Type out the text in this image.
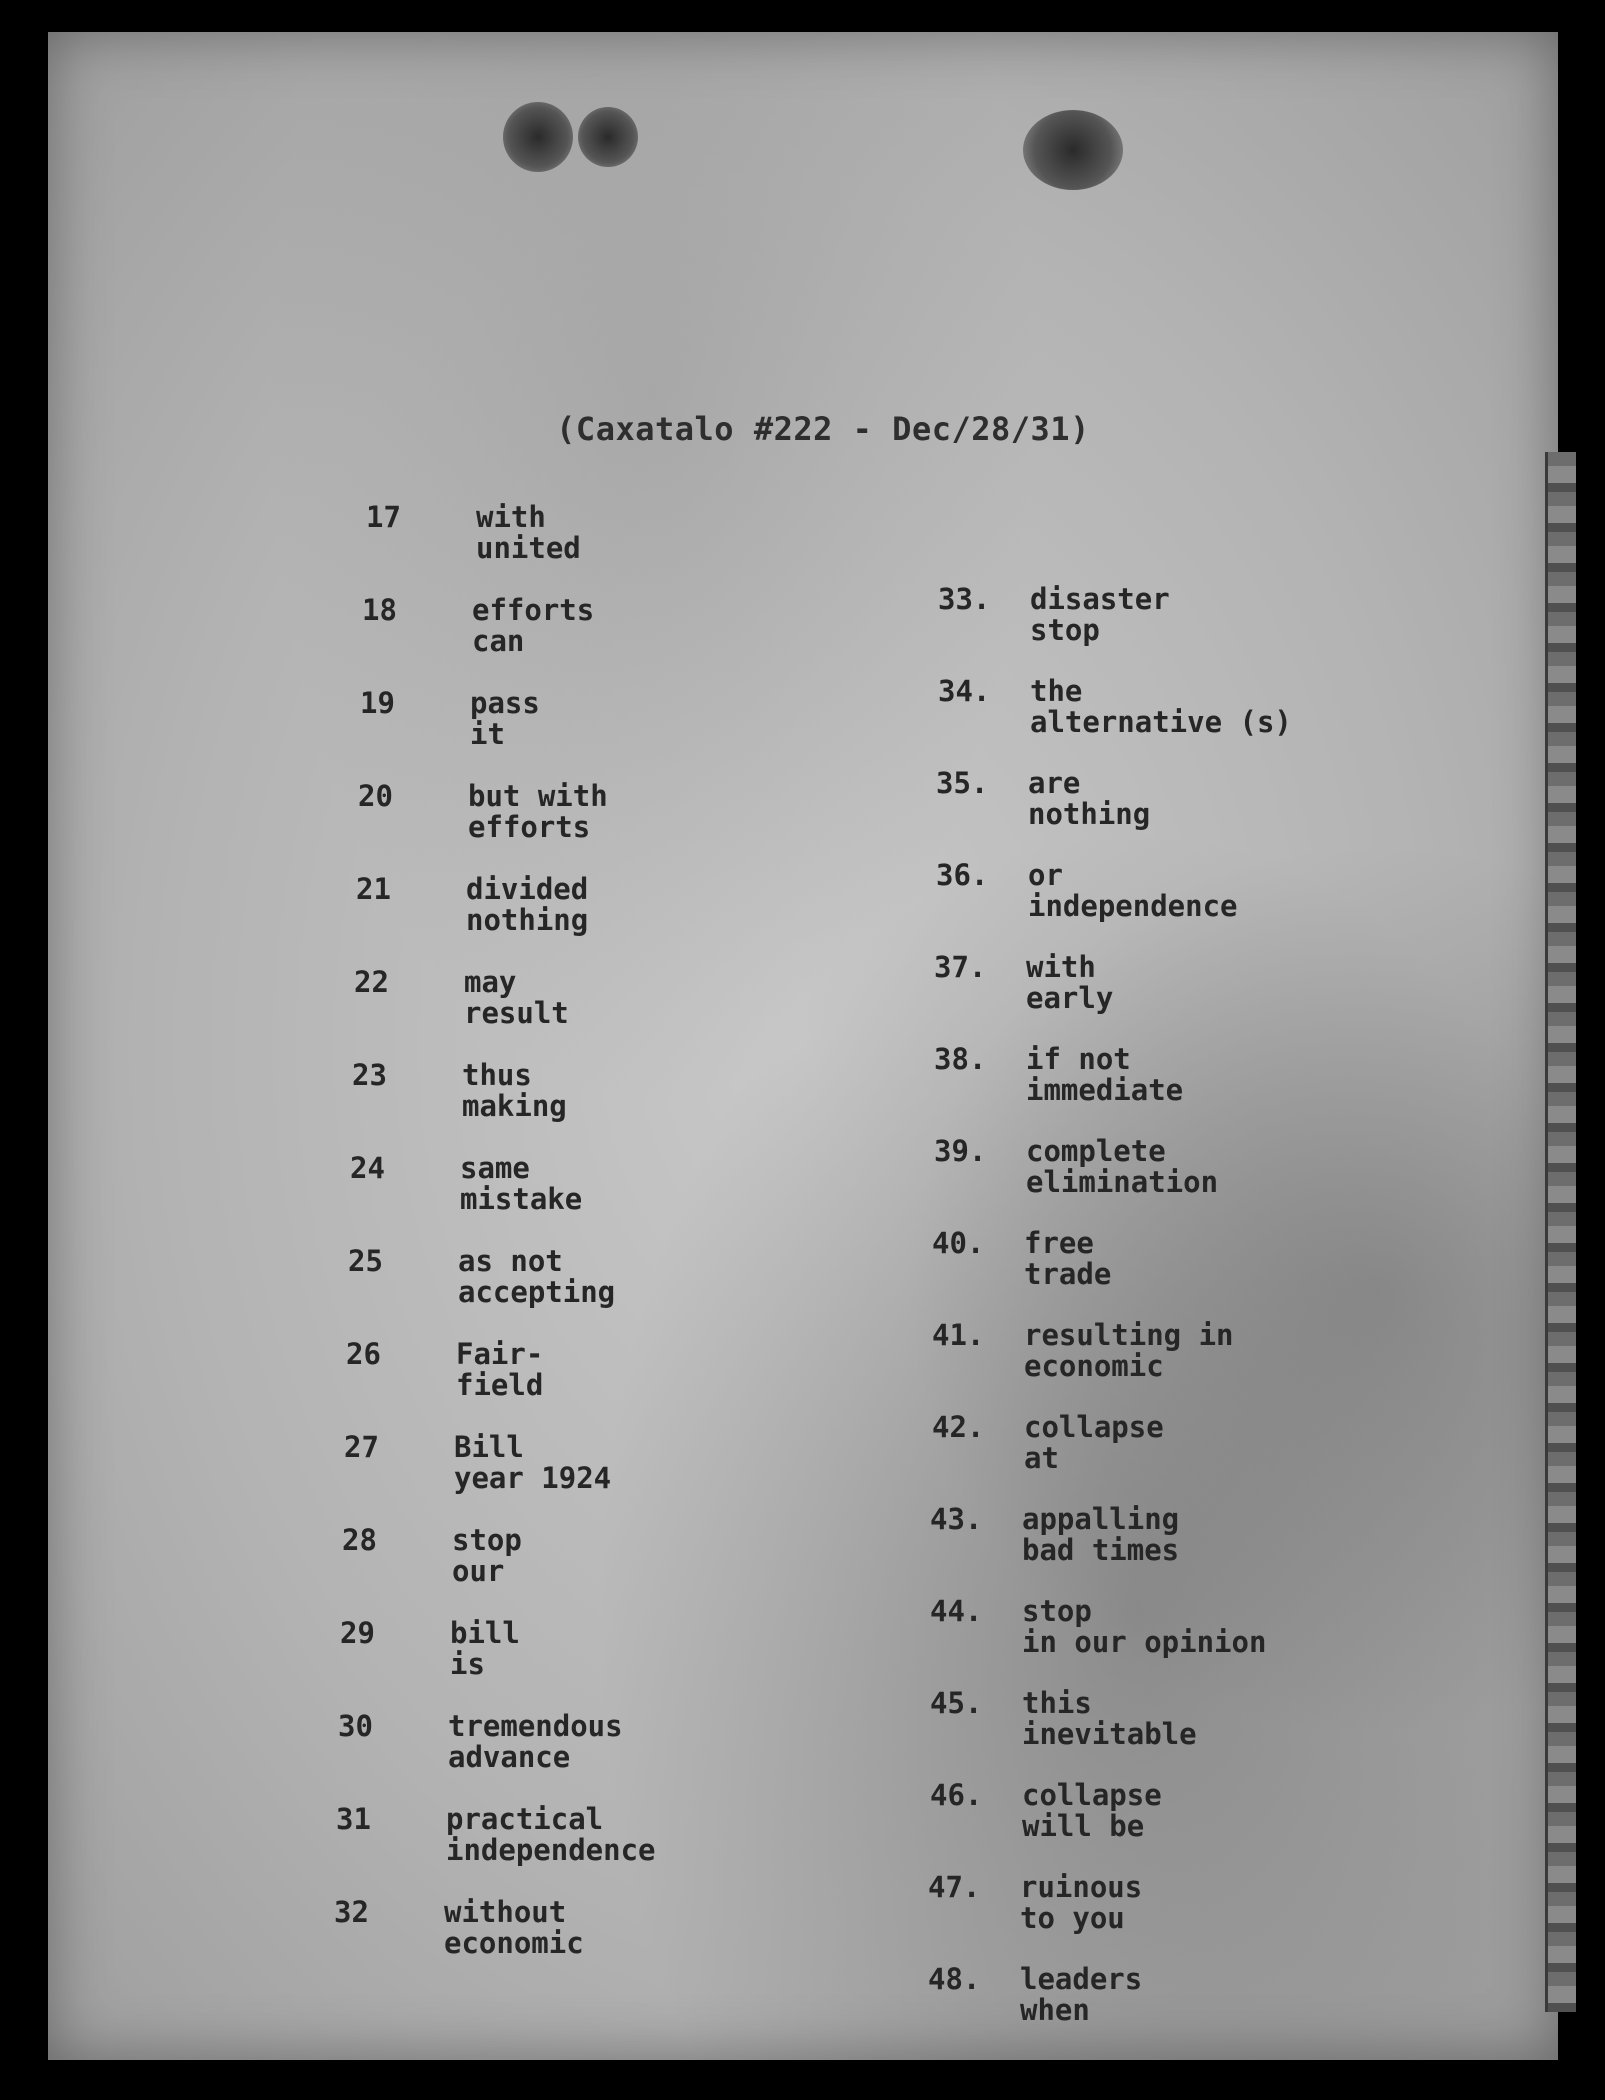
(Caxatalo #222 - Dec/28/31)
17	with
united
18	efforts
can
19	pass
it
20	but with
efforts
21	divided
nothing
22	may
result
23	thus
making
24	same
mistake
25	as not
accepting
26	Fair-
field
27	Bill
year 1924
28	stop
our
29	bill
is
30	tremendous
advance
31	practical
independence
32	without
economic
33.	disaster
stop
34.	the
alternative (s)
35.	are
nothing
36.	or
independence
37.	with
early
38.	if not
immediate
39.	complete
elimination
40.	free
trade
41.	resulting in
economic
42.	collapse
at
43.	appalling
bad times
44.	stop
in our opinion
45.	this
inevitable
46.	collapse
will be
47.	ruinous
to you
48.	leaders
when
